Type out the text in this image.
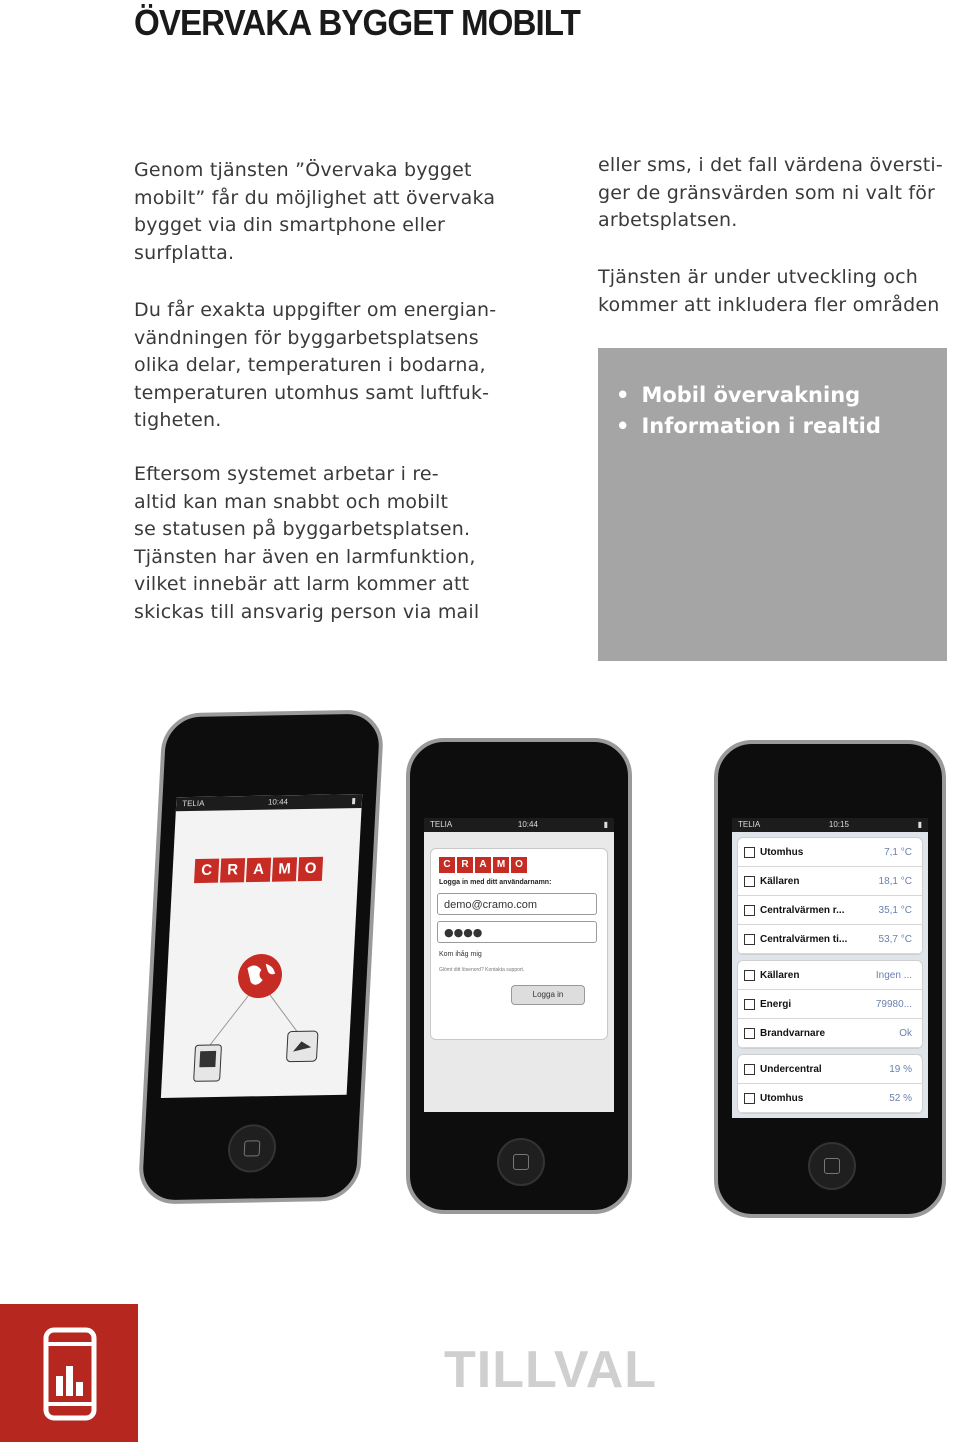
ÖVERVAKA BYGGET MOBILT
Genom tjänsten ”Övervaka bygget
mobilt” får du möjlighet att övervaka
bygget via din smartphone eller
surfplatta.
Du får exakta uppgifter om energian-
vändningen för byggarbetsplatsens
olika delar, temperaturen i bodarna,
temperaturen utomhus samt luftfuk-
tigheten.
Eftersom systemet arbetar i re-
altid kan man snabbt och mobilt
se statusen på byggarbetsplatsen.
Tjänsten har även en larmfunktion,
vilket innebär att larm kommer att
skickas till ansvarig person via mail
eller sms, i det fall värdena översti-
ger de gränsvärden som ni valt för
arbetsplatsen.
Tjänsten är under utveckling och
kommer att inkludera fler områden
• Mobil övervakning
• Information i realtid
TELIA	10:44	▮
C R A M O
TELIA	10:44	▮
C	R	A	M O
Logga in med ditt användarnamn:
demo@cramo.com
●●●●
Kom ihåg mig
Glömt ditt lösenord? Kontakta support.
Logga in
TELIA	10:15	▮
Utomhus	7,1 °C
Källaren	18,1 °C
Centralvärmen r...	35,1 °C
Centralvärmen ti...	53,7 °C
Källaren	Ingen ...
Energi	79980...
Brandvarnare	Ok
Undercentral	19 %
Utomhus	52 %
TILLVAL
